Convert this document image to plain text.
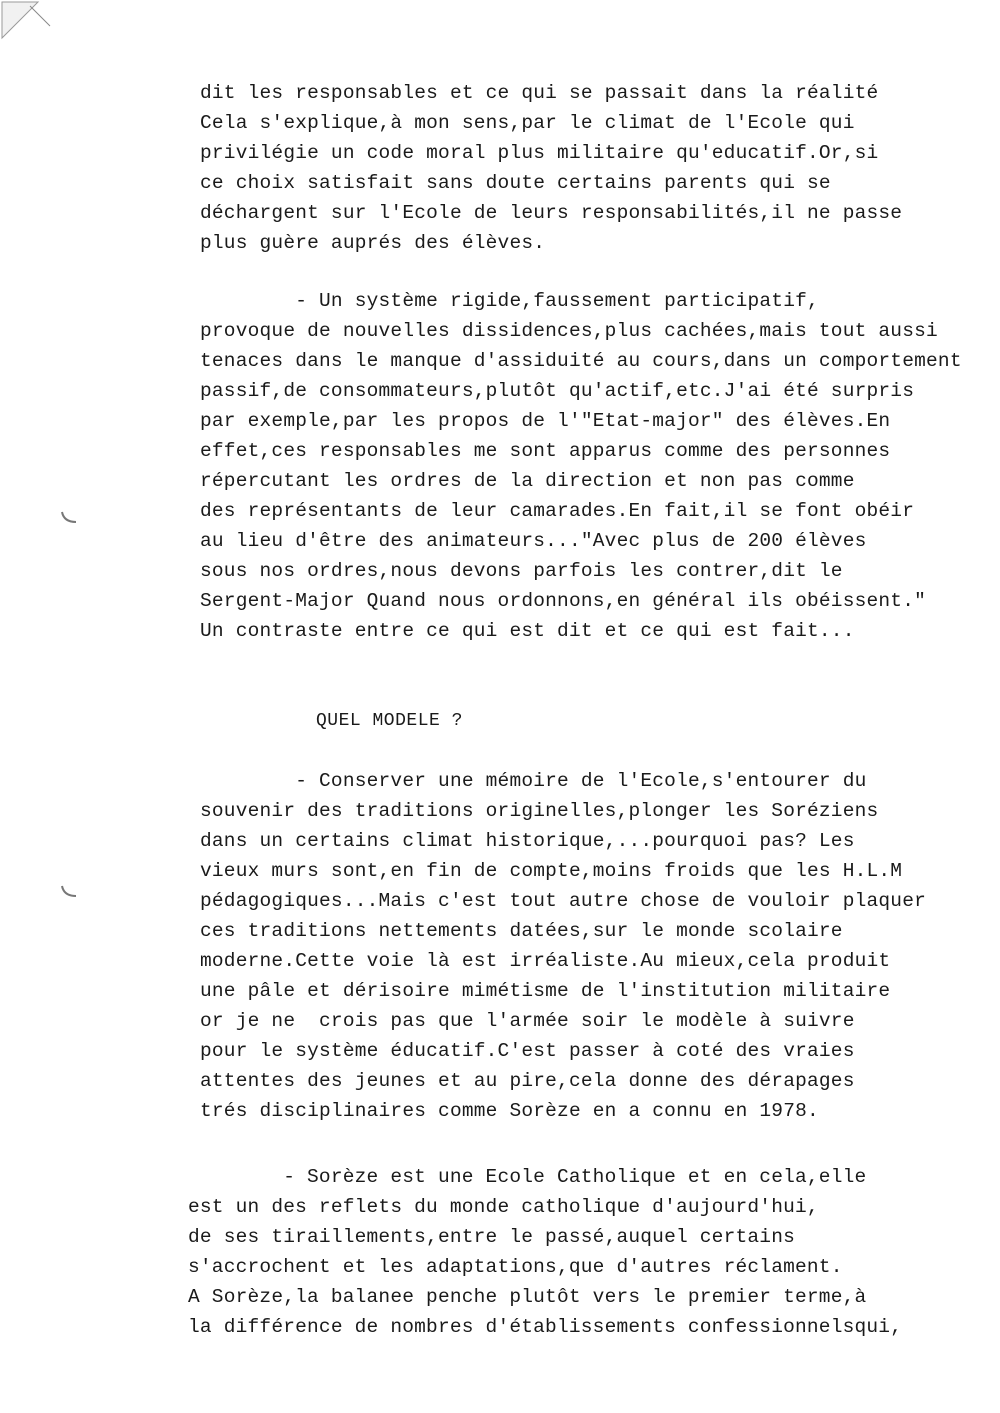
dit les responsables et ce qui se passait dans la réalité
Cela s'explique,à mon sens,par le climat de l'Ecole qui
privilégie un code moral plus militaire qu'educatif.Or,si
ce choix satisfait sans doute certains parents qui se
déchargent sur l'Ecole de leurs responsabilités,il ne passe
plus guère auprés des élèves.
- Un système rigide,faussement participatif,
provoque de nouvelles dissidences,plus cachées,mais tout aussi
tenaces dans le manque d'assiduité au cours,dans un comportement
passif,de consommateurs,plutôt qu'actif,etc.J'ai été surpris
par exemple,par les propos de l'"Etat-major" des élèves.En
effet,ces responsables me sont apparus comme des personnes
répercutant les ordres de la direction et non pas comme
des représentants de leur camarades.En fait,il se font obéir
au lieu d'être des animateurs..."Avec plus de 200 élèves
sous nos ordres,nous devons parfois les contrer,dit le
Sergent-Major Quand nous ordonnons,en général ils obéissent."
Un contraste entre ce qui est dit et ce qui est fait...
QUEL MODELE ?
- Conserver une mémoire de l'Ecole,s'entourer du
souvenir des traditions originelles,plonger les Soréziens
dans un certains climat historique,...pourquoi pas? Les
vieux murs sont,en fin de compte,moins froids que les H.L.M
pédagogiques...Mais c'est tout autre chose de vouloir plaquer
ces traditions nettements datées,sur le monde scolaire
moderne.Cette voie là est irréaliste.Au mieux,cela produit
une pâle et dérisoire mimétisme de l'institution militaire
or je ne  crois pas que l'armée soir le modèle à suivre
pour le système éducatif.C'est passer à coté des vraies
attentes des jeunes et au pire,cela donne des dérapages
trés disciplinaires comme Sorèze en a connu en 1978.
- Sorèze est une Ecole Catholique et en cela,elle
est un des reflets du monde catholique d'aujourd'hui,
de ses tiraillements,entre le passé,auquel certains
s'accrochent et les adaptations,que d'autres réclament.
A Sorèze,la balanee penche plutôt vers le premier terme,à
la différence de nombres d'établissements confessionnelsqui,
